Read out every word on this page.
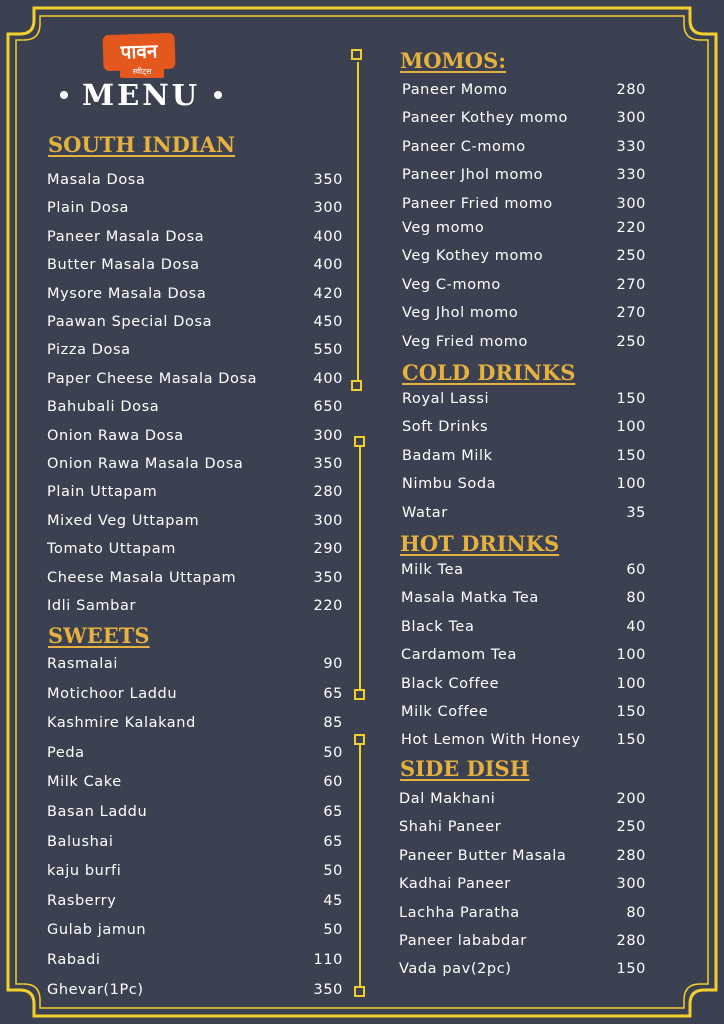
पावन
स्वीट्स
MENU
SOUTH INDIAN
SWEETS
MOMOS:
COLD DRINKS
HOT DRINKS
SIDE DISH
Masala Dosa	350
Plain Dosa	300
Paneer Masala Dosa	400
Butter Masala Dosa	400
Mysore Masala Dosa	420
Paawan Special Dosa	450
Pizza Dosa	550
Paper Cheese Masala Dosa	400
Bahubali Dosa	650
Onion Rawa Dosa	300
Onion Rawa Masala Dosa	350
Plain Uttapam	280
Mixed Veg Uttapam	300
Tomato Uttapam	290
Cheese Masala Uttapam	350
Idli Sambar	220
Rasmalai	90
Motichoor Laddu	65
Kashmire Kalakand	85
Peda	50
Milk Cake	60
Basan Laddu	65
Balushai	65
kaju burfi	50
Rasberry	45
Gulab jamun	50
Rabadi	110
Ghevar(1Pc)	350
Paneer Momo	280
Paneer Kothey momo	300
Paneer C-momo	330
Paneer Jhol momo	330
Paneer Fried momo	300
Veg momo	220
Veg Kothey momo	250
Veg C-momo	270
Veg Jhol momo	270
Veg Fried momo	250
Royal Lassi	150
Soft Drinks	100
Badam Milk	150
Nimbu Soda	100
Watar	35
Milk Tea	60
Masala Matka Tea	80
Black Tea	40
Cardamom Tea	100
Black Coffee	100
Milk Coffee	150
Hot Lemon With Honey 150
Dal Makhani	200
Shahi Paneer	250
Paneer Butter Masala	280
Kadhai Paneer	300
Lachha Paratha	80
Paneer lababdar	280
Vada pav(2pc)	150
